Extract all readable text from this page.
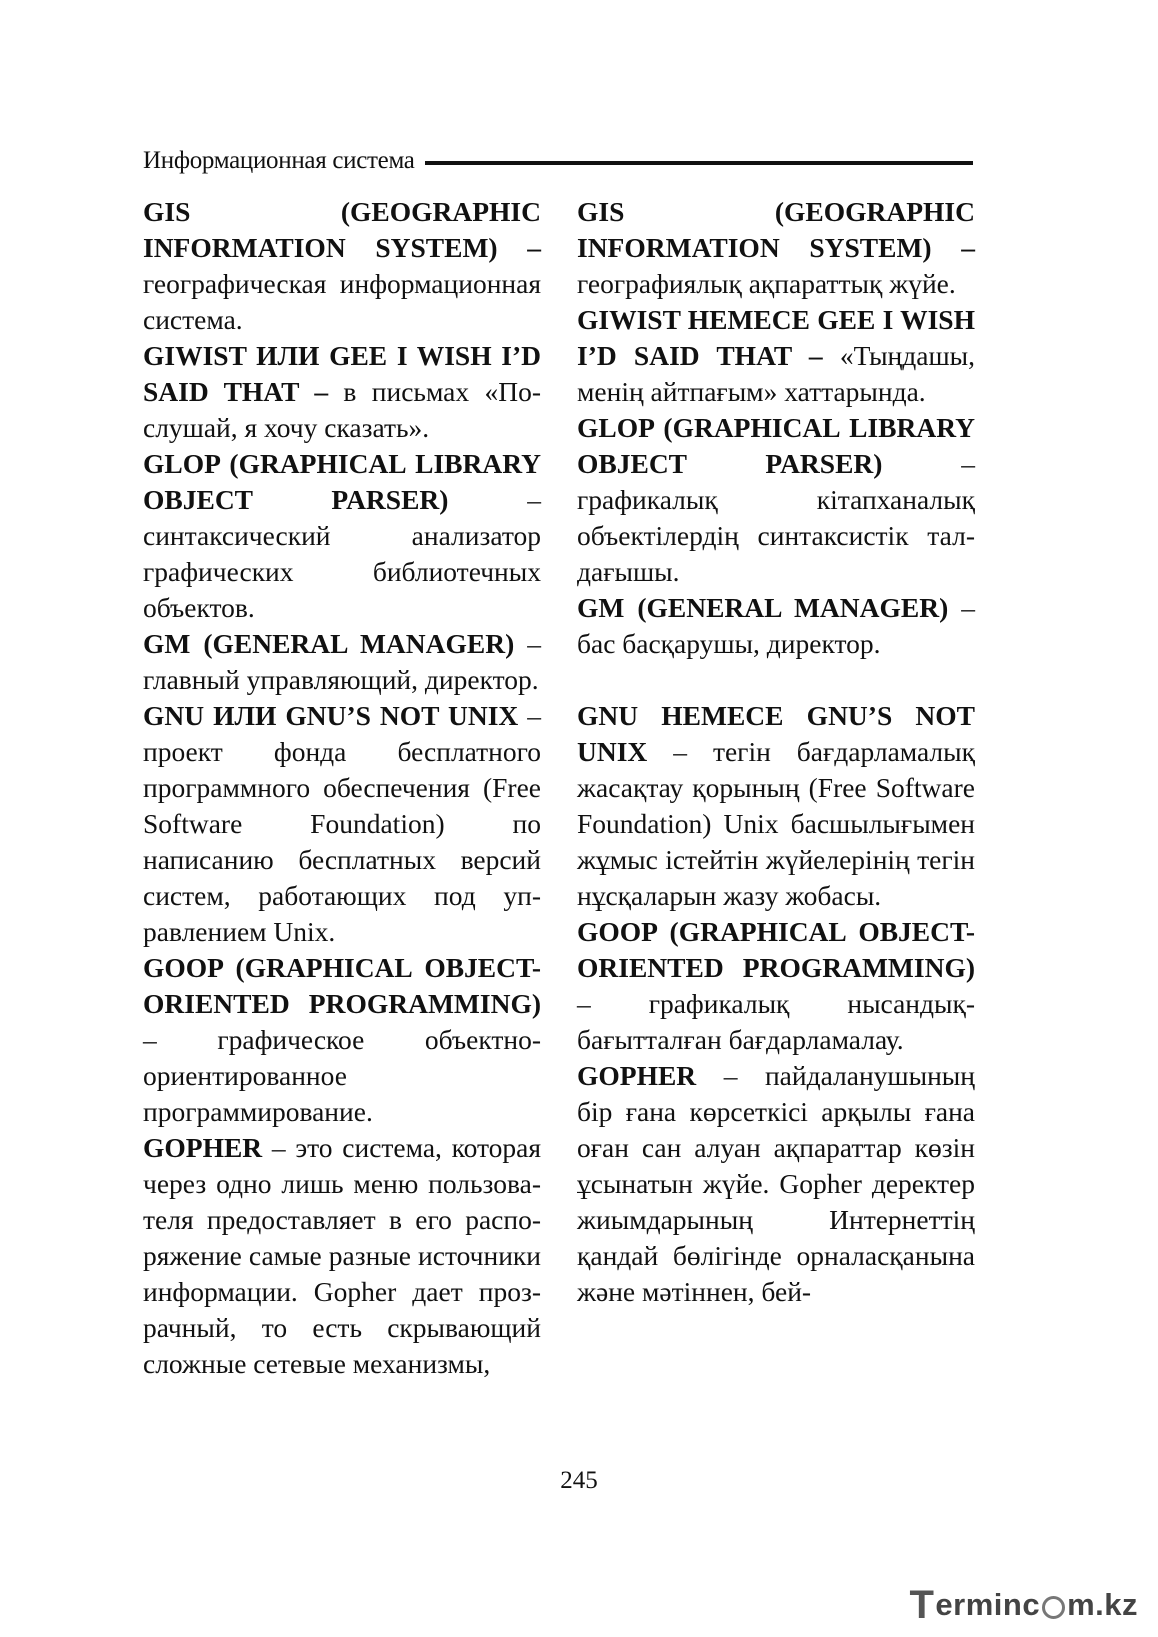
Информационная система

GIS (GEOGRAPHIC INFORMATION SYSTEM) – географическая информационная система.

GIWIST ИЛИ GEE I WISH I’D SAID THAT – в письмах «Послушай, я хочу сказать».

GLOP (GRAPHICAL LIBRARY OBJECT PARSER) – синтаксический анализатор графических библиотечных объектов.

GM (GENERAL MANAGER) – главный управляющий, директор.

GNU ИЛИ GNU’S NOT UNIX – проект фонда бесплатного программного обеспечения (Free Software Foundation) по написанию бесплатных версий систем, работающих под управлением Unix.

GOOP (GRAPHICAL OBJECT-ORIENTED PROGRAMMING) – графическое объектно-ориентированное программирование.

GOPHER – это система, которая через одно лишь меню пользователя предоставляет в его распоряжение самые разные источники информации. Gopher дает прозрачный, то есть скрывающий сложные сетевые механизмы,

GIS (GEOGRAPHIC INFORMATION SYSTEM) – географиялық ақпараттық жүйе.

GIWIST HEMECE GEE I WISH I’D SAID THAT – «Тыңдашы, менің айтпағым» хаттарында.

GLOP (GRAPHICAL LIBRARY OBJECT PARSER) – графикалық кітапханалық объектілердің синтаксистік талдағышы.

GM (GENERAL MANAGER) – бас басқарушы, директор.

GNU HEMECE GNU’S NOT UNIX – тегін бағдарламалық жасақтау қорының (Free Software Foundation) Unix басшылығымен жұмыс істейтін жүйелерінің тегін нұсқаларын жазу жобасы.

GOOP (GRAPHICAL OBJECT-ORIENTED PROGRAMMING) – графикалық нысандық-бағытталған бағдарламалау.

GOPHER – пайдаланушының бір ғана көрсеткісі арқылы ғана оған сан алуан ақпараттар көзін ұсынатын жүйе. Gopher деректер жиымдарының Интернеттің қандай бөлігінде орналасқанына және мәтіннен, бей-

245
T erminc m.kz
